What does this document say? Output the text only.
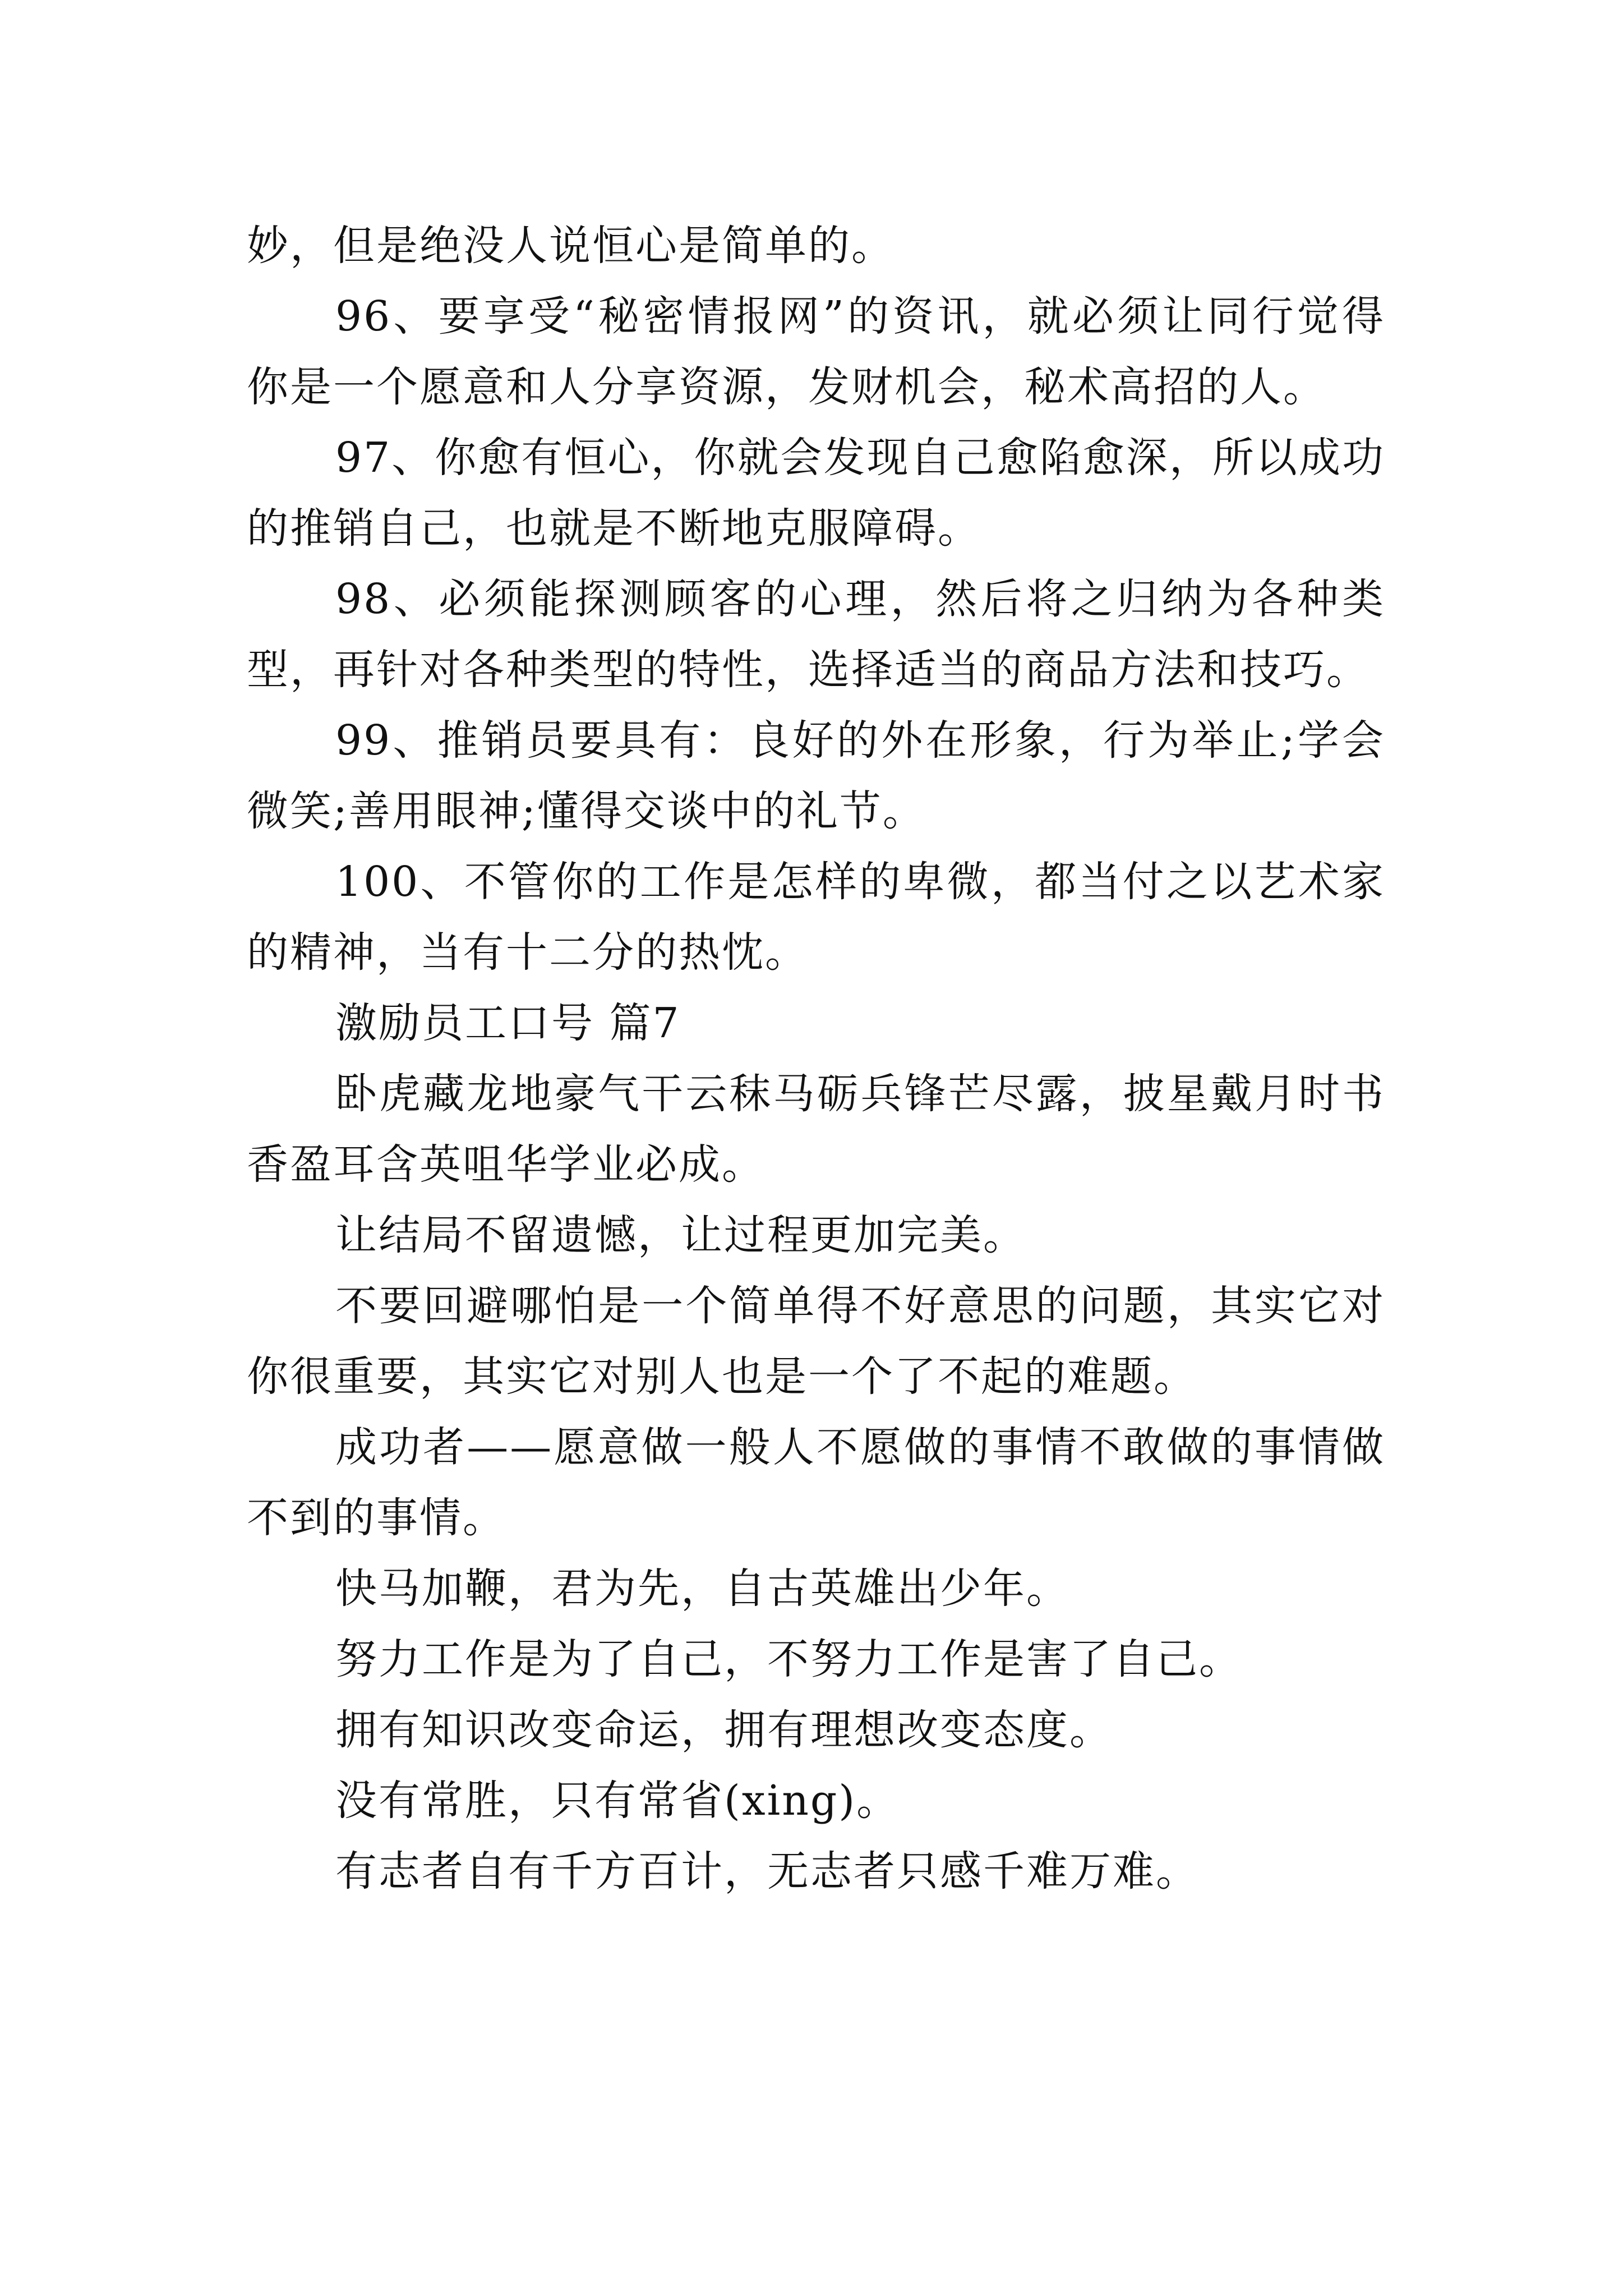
妙，但是绝没人说恒心是简单的。

96、要享受“秘密情报网”的资讯，就必须让同行觉得你是一个愿意和人分享资源，发财机会，秘术高招的人。

97、你愈有恒心，你就会发现自己愈陷愈深，所以成功的推销自己，也就是不断地克服障碍。

98、必须能探测顾客的心理，然后将之归纳为各种类型，再针对各种类型的特性，选择适当的商品方法和技巧。

99、推销员要具有：良好的外在形象，行为举止;学会微笑;善用眼神;懂得交谈中的礼节。

100、不管你的工作是怎样的卑微，都当付之以艺术家的精神，当有十二分的热忱。

激励员工口号 篇7

卧虎藏龙地豪气干云秣马砺兵锋芒尽露，披星戴月时书香盈耳含英咀华学业必成。

让结局不留遗憾，让过程更加完美。

不要回避哪怕是一个简单得不好意思的问题，其实它对你很重要，其实它对别人也是一个了不起的难题。

成功者——愿意做一般人不愿做的事情不敢做的事情做不到的事情。

快马加鞭，君为先，自古英雄出少年。

努力工作是为了自己，不努力工作是害了自己。

拥有知识改变命运，拥有理想改变态度。

没有常胜，只有常省(xing)。

有志者自有千方百计，无志者只感千难万难。
